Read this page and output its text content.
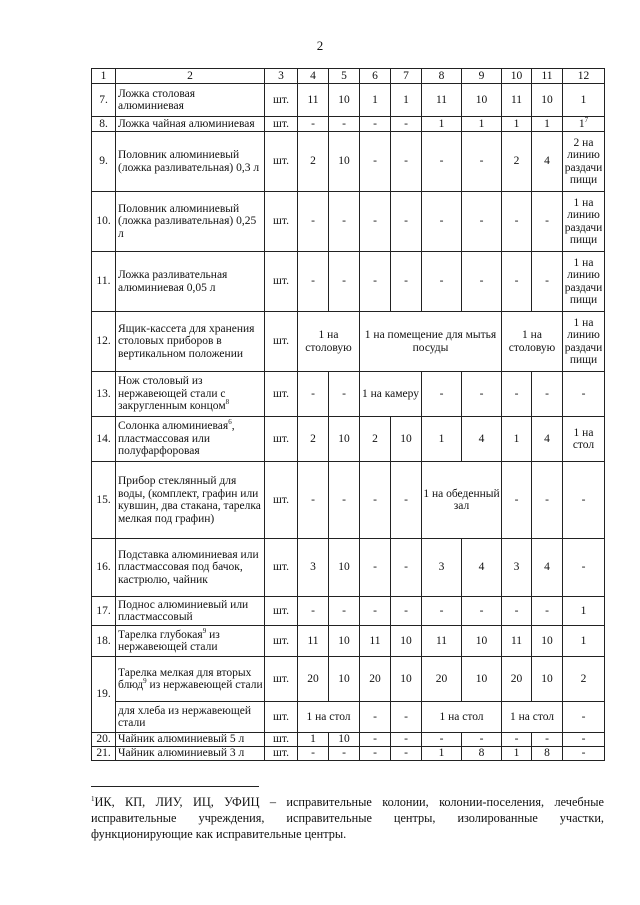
2
1	2	3	4	5	6	7	8	9	10	11	12
7.	Ложка столовая алюминиевая	шт.	11	10	1	1	11	10	11	10	1
8.	Ложка чайная алюминиевая	шт.	-	-	-	-	1	1	1	1	$1^7$
9.	Половник алюминиевый (ложка разливательная) 0,3 л	шт.	2	10	-	-	-	-	2	4	2 на линию раздачи пищи
10.	Половник алюминиевый (ложка разливательная) 0,25 л	шт.	-	-	-	-	-	-	-	-	1 на линию раздачи пищи
11.	Ложка разливательная алюминиевая 0,05 л	шт.	-	-	-	-	-	-	-	-	1 на линию раздачи пищи
12.	Ящик-кассета для хранения столовых приборов в вертикальном положении	шт.	1 на столовую		1 на помещение для мытья посуды				1 на столовую		1 на линию раздачи пищи
13.	Нож столовый из нержавеющей стали с закругленным концом$^8$	шт.	-	-	1 на камеру		-	-	-	-	-
14.	Солонка алюминиевая$^6$, пластмассовая или полуфарфоровая	шт.	2	10	2	10	1	4	1	4	1 на стол
15.	Прибор стеклянный для воды, (комплект, графин или кувшин, два стакана, тарелка мелкая под графин)	шт.	-	-	-	-	1 на обеденный зал		-	-	-
16.	Подставка алюминиевая или пластмассовая под бачок, кастрюлю, чайник	шт.	3	10	-	-	3	4	3	4	-
17.	Поднос алюминиевый или пластмассовый	шт.	-	-	-	-	-	-	-	-	1
18.	Тарелка глубокая$^9$ из нержавеющей стали	шт.	11	10	11	10	11	10	11	10	1
19.	Тарелка мелкая для вторых блюд$^9$ из нержавеющей стали	шт.	20	10	20	10	20	10	20	10	2
	для хлеба из нержавеющей стали	шт.	1 на стол		-	-	1 на стол		1 на стол		-
20.	Чайник алюминиевый 5 л	шт.	1	10	-	-	-	-	-	-	-
21.	Чайник алюминиевый 3 л	шт.	-	-	-	-	1	8	1	8	-
$^1$ИК, КП, ЛИУ, ИЦ, УФИЦ – исправительные колонии, колонии-поселения, лечебные исправительные учреждения, исправительные центры, изолированные участки, функционирующие как исправительные центры.
